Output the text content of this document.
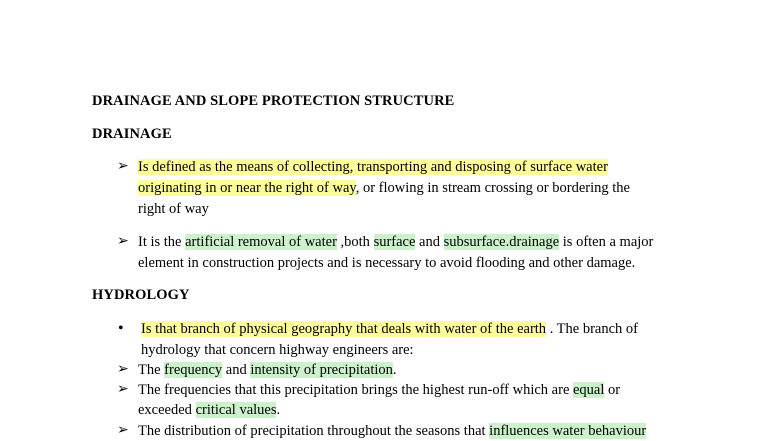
DRAINAGE AND SLOPE PROTECTION STRUCTURE
DRAINAGE
➢ Is defined as the means of collecting, transporting and disposing of surface water
originating in or near the right of way, or flowing in stream crossing or bordering the
right of way
➢ It is the artificial removal of water ,both surface and subsurface.drainage is often a major
element in construction projects and is necessary to avoid flooding and other damage.
HYDROLOGY
• Is that branch of physical geography that deals with water of the earth . The branch of
hydrology that concern highway engineers are:
➢ The frequency and intensity of precipitation.
➢ The frequencies that this precipitation brings the highest run-off which are equal or
exceeded critical values.
➢ The distribution of precipitation throughout the seasons that influences water behaviour
